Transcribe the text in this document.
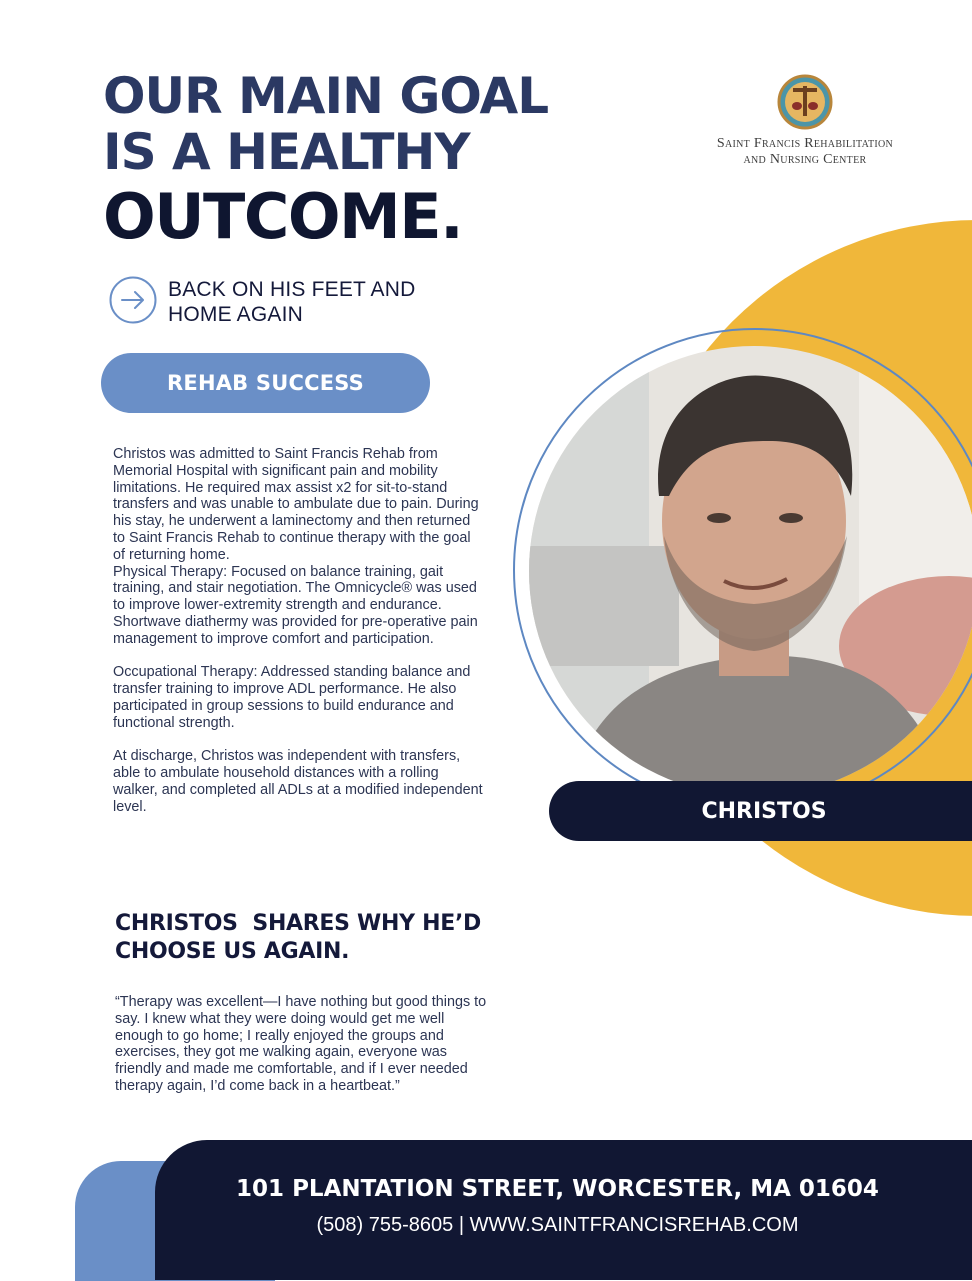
CHRISTOS
OUR MAIN GOAL
IS A HEALTHY
OUTCOME.
Saint Francis Rehabilitation
and Nursing Center
BACK ON HIS FEET AND
HOME AGAIN
REHAB SUCCESS

Christos was admitted to Saint Francis Rehab from Memorial Hospital with significant pain and mobility limitations. He required max assist x2 for sit-to-stand transfers and was unable to ambulate due to pain. During his stay, he underwent a laminectomy and then returned to Saint Francis Rehab to continue therapy with the goal of returning home.

Physical Therapy: Focused on balance training, gait training, and stair negotiation. The Omnicycle® was used to improve lower-extremity strength and endurance. Shortwave diathermy was provided for pre-operative pain management to improve comfort and participation.

Occupational Therapy: Addressed standing balance and transfer training to improve ADL performance. He also participated in group sessions to build endurance and functional strength.

At discharge, Christos was independent with transfers, able to ambulate household distances with a rolling walker, and completed all ADLs at a modified independent level.

CHRISTOS  SHARES WHY HE’D
CHOOSE US AGAIN.

“Therapy was excellent—I have nothing but good things to say. I knew what they were doing would get me well enough to go home; I really enjoyed the groups and exercises, they got me walking again, everyone was friendly and made me comfortable, and if I ever needed therapy again, I’d come back in a heartbeat.”

101 PLANTATION STREET, WORCESTER, MA 01604
(508) 755-8605 | WWW.SAINTFRANCISREHAB.COM
